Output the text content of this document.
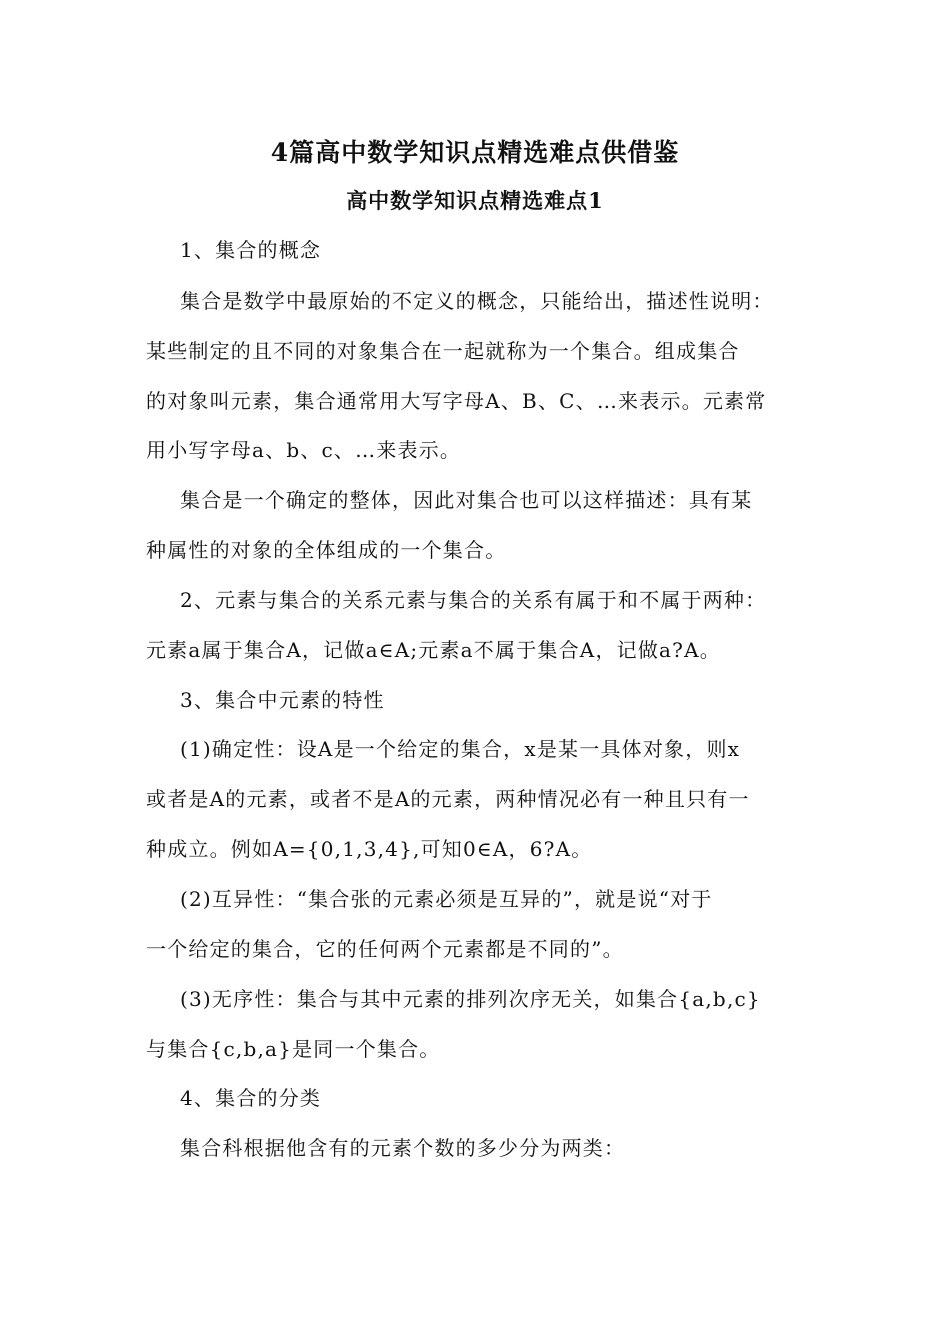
4篇高中数学知识点精选难点供借鉴
高中数学知识点精选难点1
1、集合的概念
集合是数学中最原始的不定义的概念，只能给出，描述性说明：
某些制定的且不同的对象集合在一起就称为一个集合。组成集合
的对象叫元素，集合通常用大写字母A、B、C、…来表示。元素常
用小写字母a、b、c、…来表示。
集合是一个确定的整体，因此对集合也可以这样描述：具有某
种属性的对象的全体组成的一个集合。
2、元素与集合的关系元素与集合的关系有属于和不属于两种：
元素a属于集合A，记做a∈A;元素a不属于集合A，记做a?A。
3、集合中元素的特性
(1)确定性：设A是一个给定的集合，x是某一具体对象，则x
或者是A的元素，或者不是A的元素，两种情况必有一种且只有一
种成立。例如A={0,1,3,4},可知0∈A，6?A。
(2)互异性：“集合张的元素必须是互异的”，就是说“对于
一个给定的集合，它的任何两个元素都是不同的”。
(3)无序性：集合与其中元素的排列次序无关，如集合{a,b,c}
与集合{c,b,a}是同一个集合。
4、集合的分类
集合科根据他含有的元素个数的多少分为两类：
